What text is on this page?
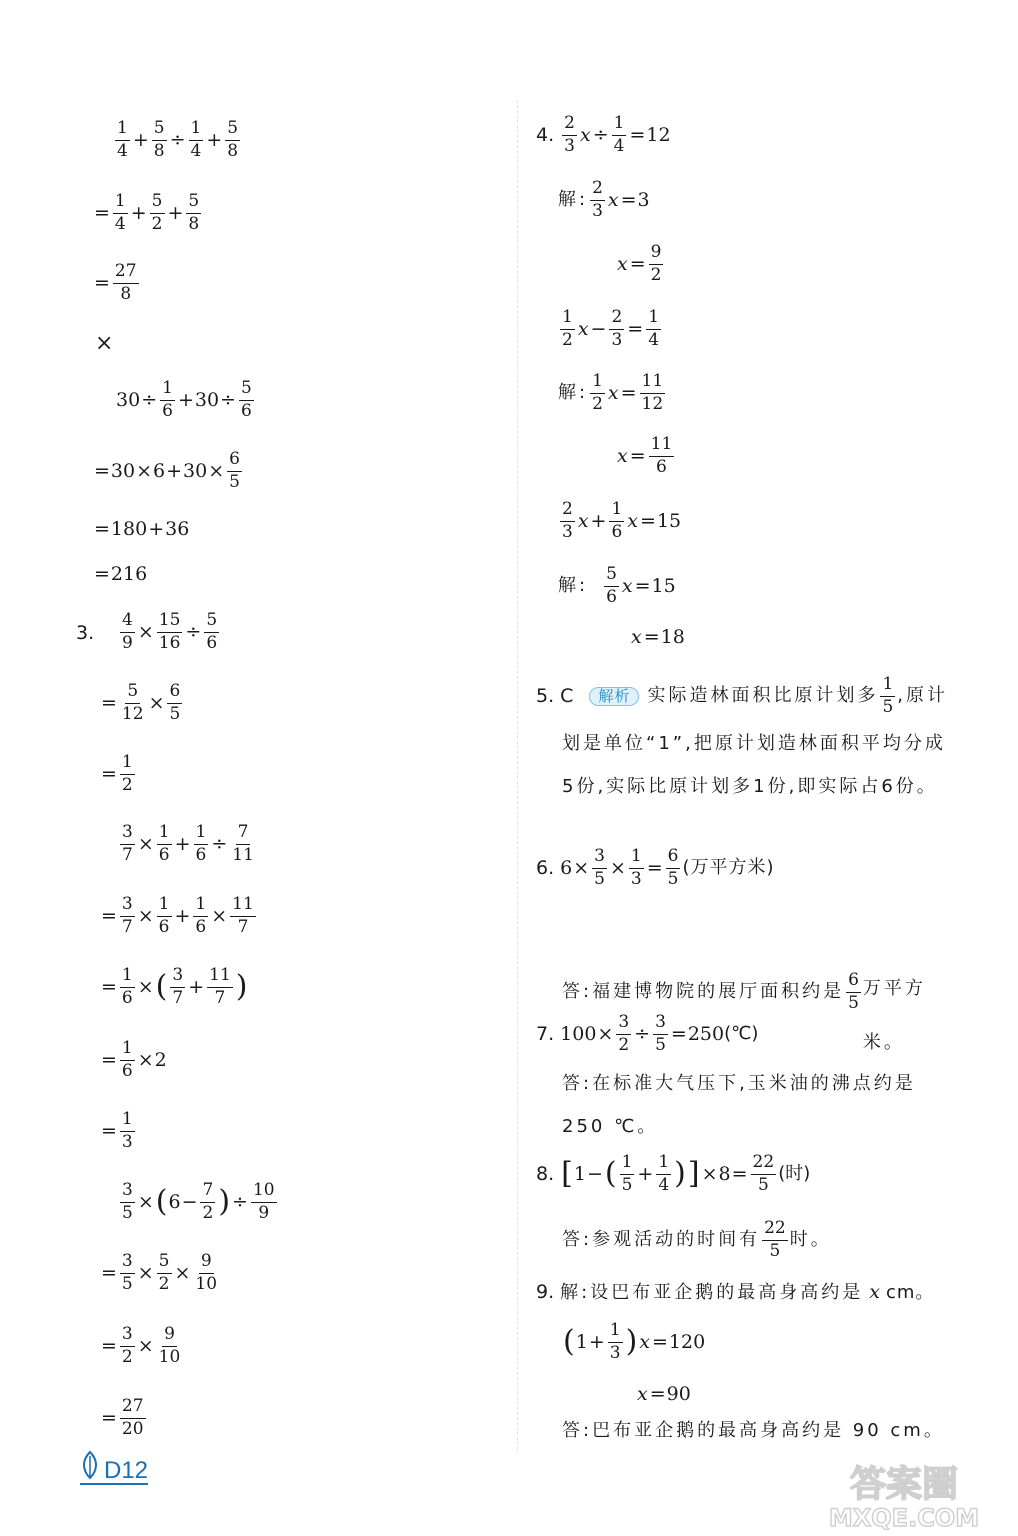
$\frac{1}{4} + \frac{5}{8} \div \frac{1}{4} + \frac{5}{8}$
= $\frac{1}{4} + \frac{5}{2} + \frac{5}{8}$
= $\frac{27}{8}$
×
$30 \div \frac{1}{6} + 30 \div \frac{5}{6}$
= $30 \times 6 + 30 \times \frac{6}{5}$
= 180 + 36
= 216
3. $\frac{4}{9} \times \frac{15}{16} \div \frac{5}{6}$
= $\frac{5}{12} \times \frac{6}{5}$
= $\frac{1}{2}$
$\frac{3}{7} \times \frac{1}{6} + \frac{1}{6} \div \frac{7}{11}$
= $\frac{3}{7} \times \frac{1}{6} + \frac{1}{6} \times \frac{11}{7}$
= $\frac{1}{6}$ × ( $\frac{3}{7} + \frac{11}{7}$ )
= $\frac{1}{6} \times 2$
= $\frac{1}{3}$
$\frac{3}{5}$ × ( $6 - \frac{7}{2}$ ) ÷ $\frac{10}{9}$
= $\frac{3}{5} \times \frac{5}{2} \times \frac{9}{10}$
= $\frac{3}{2} \times \frac{9}{10}$
= $\frac{27}{20}$
4. $\frac{2}{3}$ $x \div \frac{1}{4} = 12$
解: $\frac{2}{3}$ x = 3
$x = \frac{9}{2}$
$\frac{1}{2}$ $x - \frac{2}{3} = \frac{1}{4}$
解: $\frac{1}{2}$ $x = \frac{11}{12}$
$x = \frac{11}{6}$
$\frac{2}{3}$ $x + \frac{1}{6}$ x = 15
解: $\frac{5}{6}$ x = 15
x = 18
5. C	解析 实际造林面积比原计划多 $\frac{1}{5}$ ,原计
划是单位“1”,把原计划造林面积平均分成5份,实际比原计划多1份,即实际占6份。
6. $6 \times \frac{3}{5} \times \frac{1}{3} = \frac{6}{5}$ (万平方米)
答:福建博物院的展厅面积约是 $\frac{6}{5}$ 万平方米。
7. $100 \times \frac{3}{2} \div \frac{3}{5} = 250$ (℃)
答:在标准大气压下,玉米油的沸点约是250 ℃。
8. [ 1 − ( $\frac{1}{5} + \frac{1}{4}$ ) ] × $8 = \frac{22}{5}$ (时)
答:参观活动的时间有 $\frac{22}{5}$ 时。
9. 解:设巴布亚企鹅的最高身高约是 x cm。
( $1 + \frac{1}{3}$ ) x = 120
x = 90
答:巴布亚企鹅的最高身高约是 90 cm。
D12	答案圈
MXQE.COM
